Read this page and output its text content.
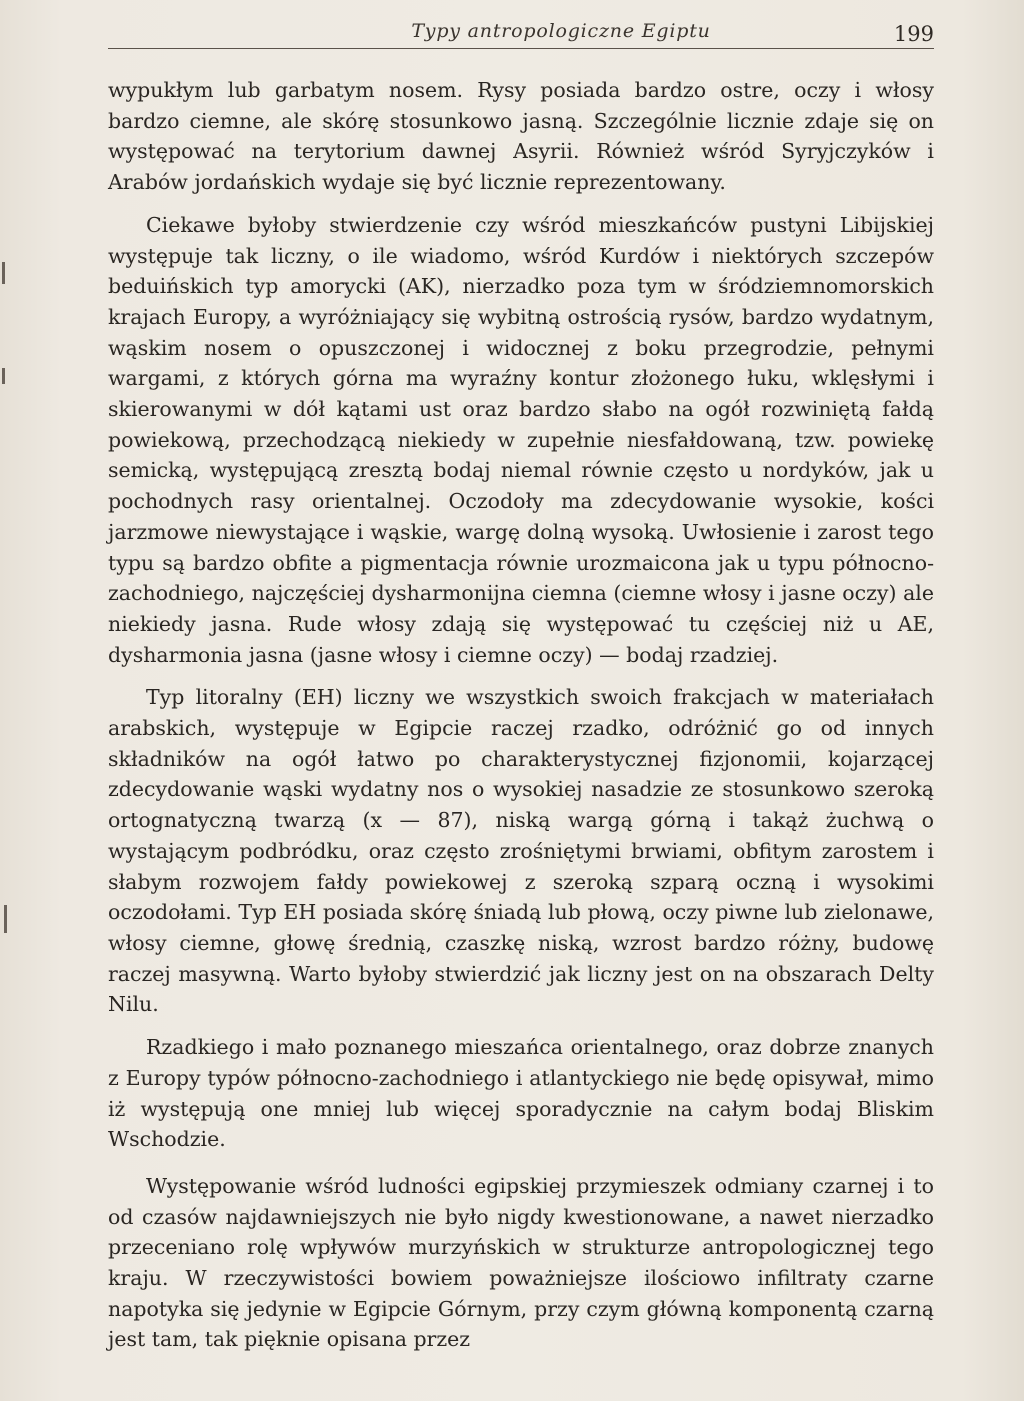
Typy antropologiczne Egiptu	199

wypukłym lub garbatym nosem. Rysy posiada bardzo ostre, oczy i włosy bardzo ciemne, ale skórę stosunkowo jasną. Szczególnie licznie zdaje się on występować na terytorium dawnej Asyrii. Również wśród Syryjczyków i Arabów jordańskich wydaje się być licznie reprezentowany.

Ciekawe byłoby stwierdzenie czy wśród mieszkańców pustyni Libijskiej występuje tak liczny, o ile wiadomo, wśród Kurdów i niektórych szczepów beduińskich typ amorycki (AK), nierzadko poza tym w śródziemnomorskich krajach Europy, a wyróżniający się wybitną ostrością rysów, bardzo wydatnym, wąskim nosem o opuszczonej i widocznej z boku przegrodzie, pełnymi wargami, z których górna ma wyraźny kontur złożonego łuku, wklęsłymi i skierowanymi w dół kątami ust oraz bardzo słabo na ogół rozwiniętą fałdą powiekową, przechodzącą niekiedy w zupełnie niesfałdowaną, tzw. powiekę semicką, występującą zresztą bodaj niemal równie często u nordyków, jak u pochodnych rasy orientalnej. Oczodoły ma zdecydowanie wysokie, kości jarzmowe niewystające i wąskie, wargę dolną wysoką. Uwłosienie i zarost tego typu są bardzo obfite a pigmentacja równie urozmaicona jak u typu północno-zachodniego, najczęściej dysharmonijna ciemna (ciemne włosy i jasne oczy) ale niekiedy jasna. Rude włosy zdają się występować tu częściej niż u AE, dysharmonia jasna (jasne włosy i ciemne oczy) — bodaj rzadziej.

Typ litoralny (EH) liczny we wszystkich swoich frakcjach w materiałach arabskich, występuje w Egipcie raczej rzadko, odróżnić go od innych składników na ogół łatwo po charakterystycznej fizjonomii, kojarzącej zdecydowanie wąski wydatny nos o wysokiej nasadzie ze stosunkowo szeroką ortognatyczną twarzą (x — 87), niską wargą górną i takąż żuchwą o wystającym podbródku, oraz często zrośniętymi brwiami, obfitym zarostem i słabym rozwojem fałdy powiekowej z szeroką szparą oczną i wysokimi oczodołami. Typ EH posiada skórę śniadą lub płową, oczy piwne lub zielonawe, włosy ciemne, głowę średnią, czaszkę niską, wzrost bardzo różny, budowę raczej masywną. Warto byłoby stwierdzić jak liczny jest on na obszarach Delty Nilu.

Rzadkiego i mało poznanego mieszańca orientalnego, oraz dobrze znanych z Europy typów północno-zachodniego i atlantyckiego nie będę opisywał, mimo iż występują one mniej lub więcej sporadycznie na całym bodaj Bliskim Wschodzie.

Występowanie wśród ludności egipskiej przymieszek odmiany czarnej i to od czasów najdawniejszych nie było nigdy kwestionowane, a nawet nierzadko przeceniano rolę wpływów murzyńskich w strukturze antropologicznej tego kraju. W rzeczywistości bowiem poważniejsze ilościowo infiltraty czarne napotyka się jedynie w Egipcie Górnym, przy czym główną komponentą czarną jest tam, tak pięknie opisana przez
